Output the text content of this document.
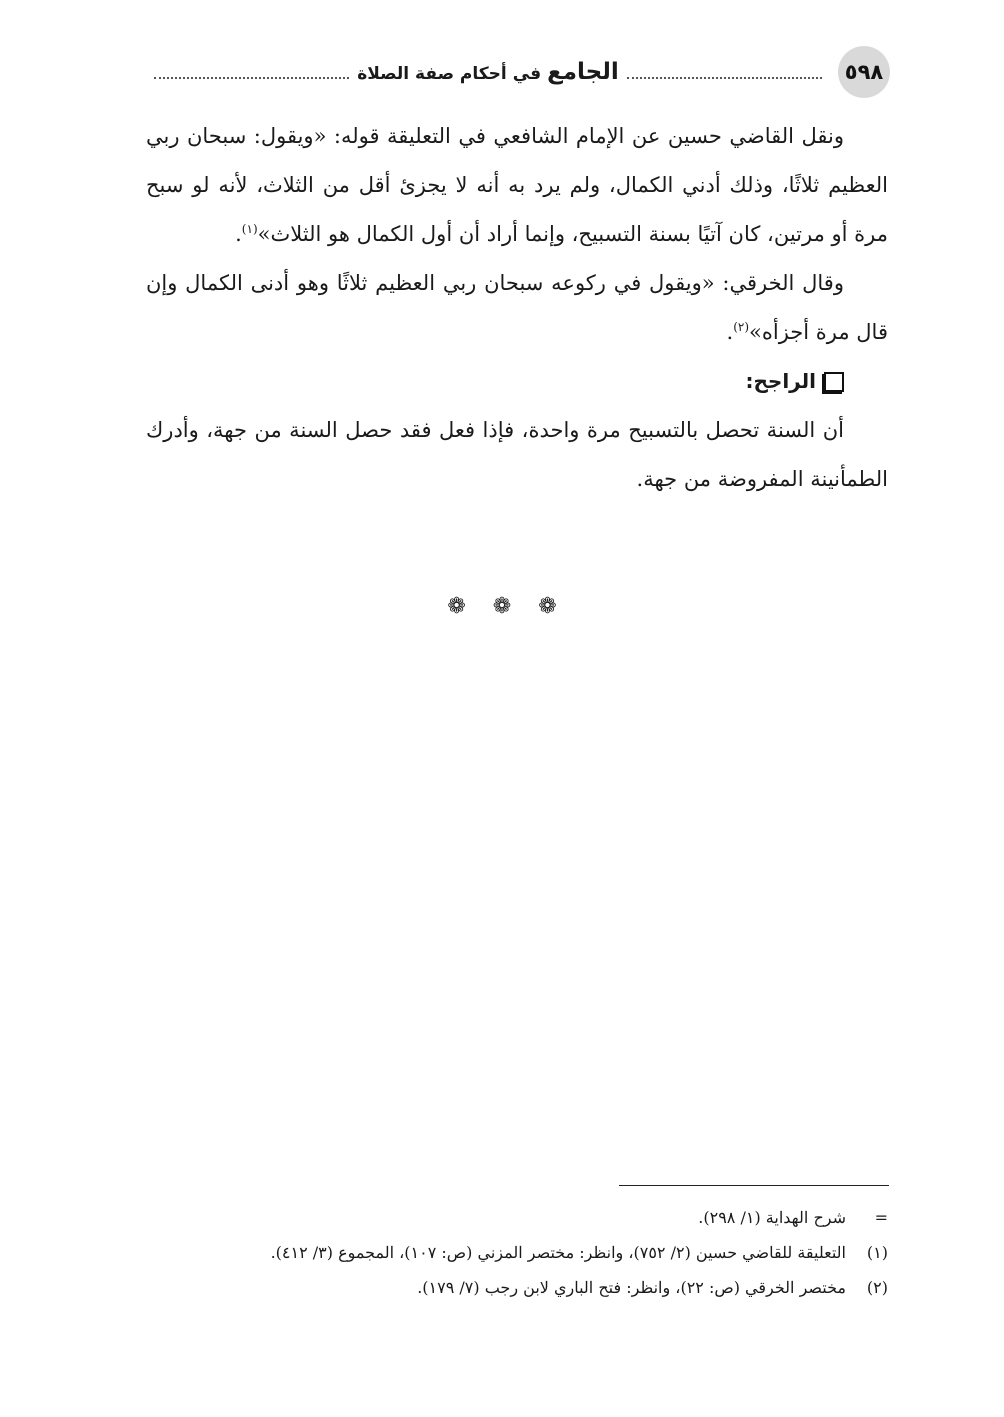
٥٩٨
الجامع
في
أحكام صفة الصلاة

ونقل القاضي حسين عن الإمام الشافعي في التعليقة قوله: «ويقول: سبحان ربي العظيم ثلاثًا، وذلك أدني الكمال، ولم يرد به أنه لا يجزئ أقل من الثلاث، لأنه لو سبح مرة أو مرتين، كان آتيًا بسنة التسبيح، وإنما أراد أن أول الكمال هو الثلاث»$^{(١)}$.

وقال الخرقي: «ويقول في ركوعه سبحان ربي العظيم ثلاثًا وهو أدنى الكمال وإن قال مرة أجزأه»$^{(٢)}$.

الراجح:

أن السنة تحصل بالتسبيح مرة واحدة، فإذا فعل فقد حصل السنة من جهة، وأدرك الطمأنينة المفروضة من جهة.

❁ ❁ ❁
=
شرح الهداية (١/ ٢٩٨).
(١)
التعليقة للقاضي حسين (٢/ ٧٥٢)، وانظر: مختصر المزني (ص: ١٠٧)، المجموع (٣/ ٤١٢).
(٢)
مختصر الخرقي (ص: ٢٢)، وانظر: فتح الباري لابن رجب (٧/ ١٧٩).
